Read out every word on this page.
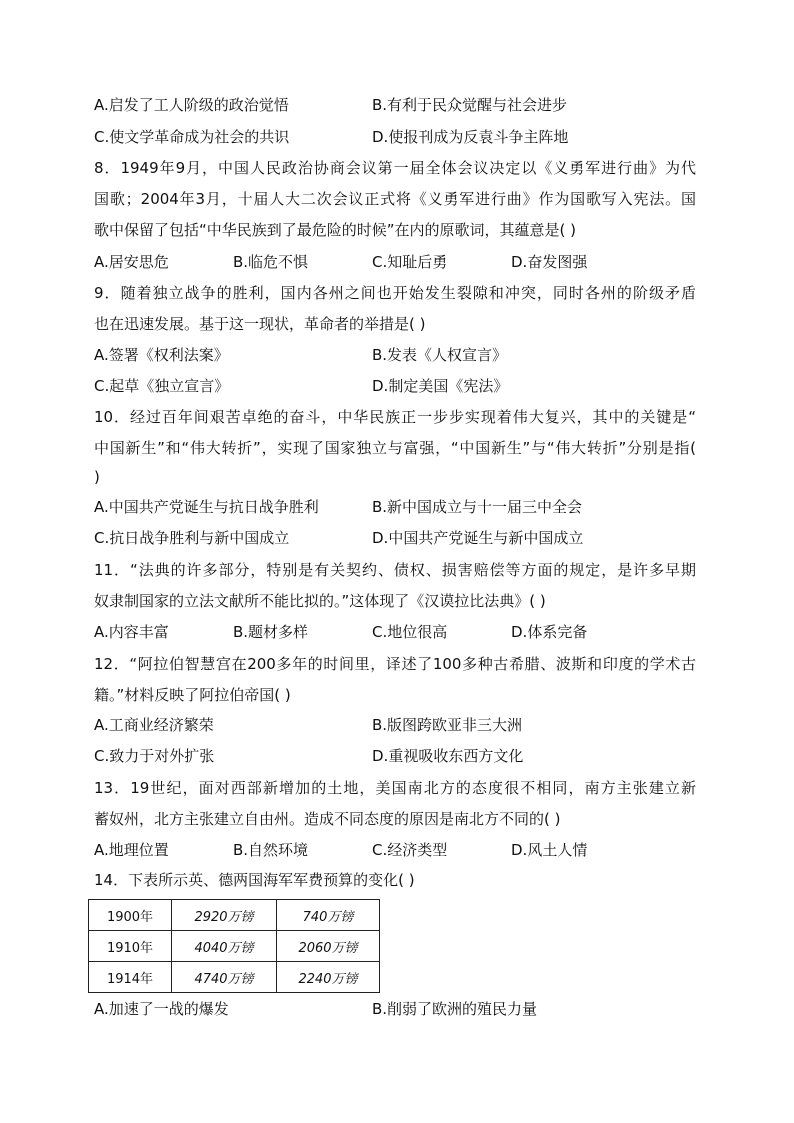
A.启发了工人阶级的政治觉悟	B.有利于民众觉醒与社会进步
C.使文学革命成为社会的共识	D.使报刊成为反袁斗争主阵地
8．1949年9月，中国人民政治协商会议第一届全体会议决定以《义勇军进行曲》为代
国歌；2004年3月，十届人大二次会议正式将《义勇军进行曲》作为国歌写入宪法。国
歌中保留了包括“中华民族到了最危险的时候”在内的原歌词，其蕴意是( )
A.居安思危	B.临危不惧	C.知耻后勇	D.奋发图强
9．随着独立战争的胜利，国内各州之间也开始发生裂隙和冲突，同时各州的阶级矛盾
也在迅速发展。基于这一现状，革命者的举措是( )
A.签署《权利法案》	B.发表《人权宣言》
C.起草《独立宣言》	D.制定美国《宪法》
10．经过百年间艰苦卓绝的奋斗，中华民族正一步步实现着伟大复兴，其中的关键是“
中国新生”和“伟大转折”，实现了国家独立与富强，“中国新生”与“伟大转折”分别是指(
)
A.中国共产党诞生与抗日战争胜利	B.新中国成立与十一届三中全会
C.抗日战争胜利与新中国成立	D.中国共产党诞生与新中国成立
11．“法典的许多部分，特别是有关契约、债权、损害赔偿等方面的规定，是许多早期
奴隶制国家的立法文献所不能比拟的。”这体现了《汉谟拉比法典》( )
A.内容丰富	B.题材多样	C.地位很高	D.体系完备
12．“阿拉伯智慧宫在200多年的时间里，译述了100多种古希腊、波斯和印度的学术古
籍。”材料反映了阿拉伯帝国( )
A.工商业经济繁荣	B.版图跨欧亚非三大洲
C.致力于对外扩张	D.重视吸收东西方文化
13．19世纪，面对西部新增加的土地，美国南北方的态度很不相同，南方主张建立新
蓄奴州，北方主张建立自由州。造成不同态度的原因是南北方不同的( )
A.地理位置	B.自然环境	C.经济类型	D.风土人情
14．下表所示英、德两国海军军费预算的变化( )
1900年	2920万镑	740万镑
1910年	4040万镑	2060万镑
1914年	4740万镑	2240万镑
A.加速了一战的爆发	B.削弱了欧洲的殖民力量
